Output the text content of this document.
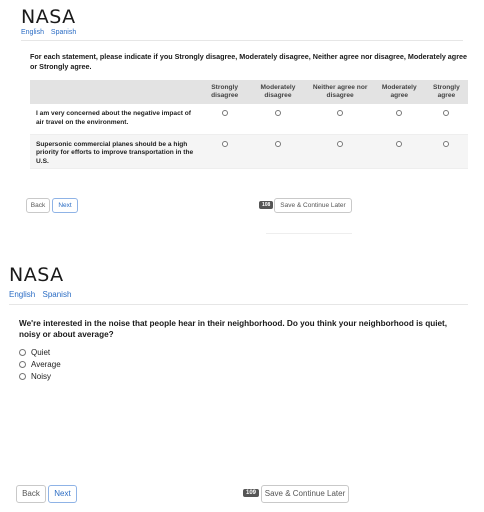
NASA
English Spanish
For each statement, please indicate if you Strongly disagree, Moderately disagree, Neither agree nor disagree, Moderately agree or Strongly agree.
	Strongly disagree	Moderately disagree	Neither agree nor disagree	Moderately agree	Strongly agree
I am very concerned about the negative impact of air travel on the environment.					
Supersonic commercial planes should be a high priority for efforts to improve transportation in the U.S.					
Back	Next	108	Save & Continue Later
NASA
English Spanish
We're interested in the noise that people hear in their neighborhood. Do you think your neighborhood is quiet, noisy or about average?
Quiet
Average
Noisy
Back	Next	109	Save & Continue Later
